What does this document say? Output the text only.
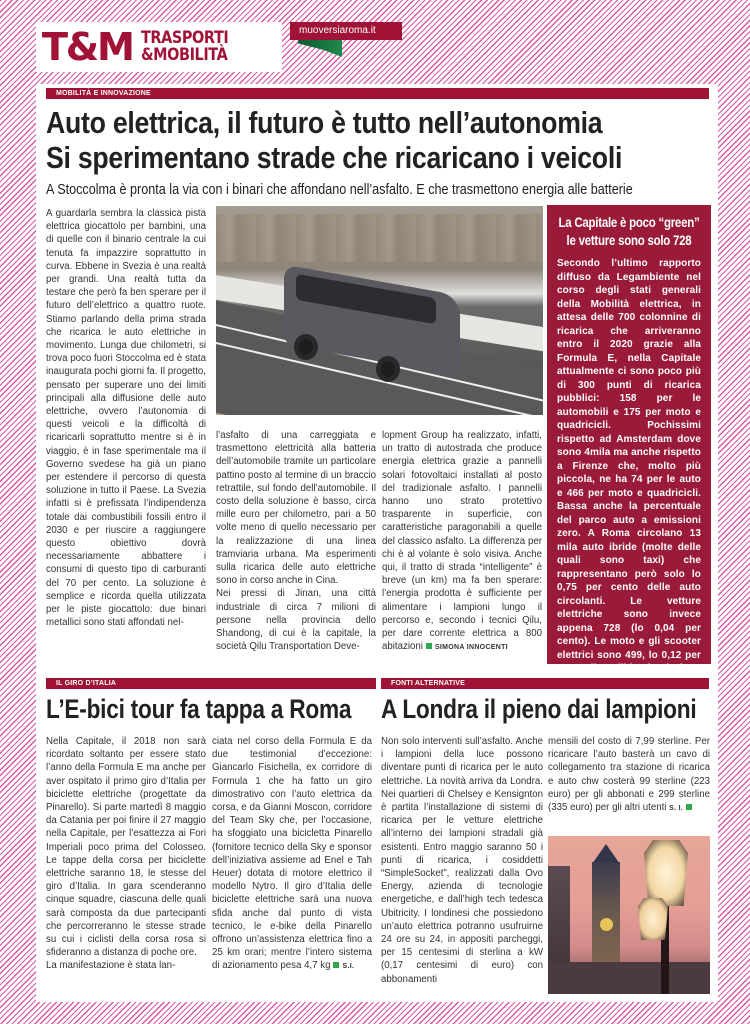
T&M TRASPORTI
&MOBILITÀ
muoversiaroma.it
MOBILITÀ E INNOVAZIONE
Auto elettrica, il futuro è tutto nell’autonomia
Si sperimentano strade che ricaricano i veicoli
A Stoccolma è pronta la via con i binari che affondano nell’asfalto. E che trasmettono energia alle batterie

A guardarla sembra la classica pista elettrica giocattolo per bambini, una di quelle con il binario centrale la cui tenuta fa impazzire soprattutto in curva. Ebbene in Svezia è una realtà per grandi. Una realtà tutta da testare che però fa ben sperare per il futuro dell’elettrico a quattro ruote. Stiamo parlando della prima strada che ricarica le auto elettriche in movimento. Lunga due chilometri, si trova poco fuori Stoccolma ed è stata inaugurata pochi giorni fa. Il progetto, pensato per superare uno dei limiti principali alla diffusione delle auto elettriche, ovvero l’autonomia di questi veicoli e la difficoltà di ricaricarli soprattutto mentre si è in viaggio, è in fase sperimentale ma il Governo svedese ha già un piano per estendere il percorso di questa soluzione in tutto il Paese. La Svezia infatti si è prefissata l’indipendenza totale dai combustibili fossili entro il 2030 e per riuscire a raggiungere questo obiettivo dovrà necessariamente abbattere i consumi di questo tipo di carburanti del 70 per cento. La soluzione è semplice e ricorda quella utilizzata per le piste giocattolo: due binari metallici sono stati affondati nel-

l’asfalto di una carreggiata e trasmettono elettricità alla batteria dell’automobile tramite un particolare pattino posto al termine di un braccio retrattile, sul fondo dell’automobile. Il costo della soluzione è basso, circa mille euro per chilometro, pari a 50 volte meno di quello necessario per la realizzazione di una linea tramviaria urbana. Ma esperimenti sulla ricarica delle auto elettriche sono in corso anche in Cina.

Nei pressi di Jinan, una città industriale di circa 7 milioni di persone nella provincia dello Shandong, di cui è la capitale, la società Qilu Transportation Deve-

lopment Group ha realizzato, infatti, un tratto di autostrada che produce energia elettrica grazie a pannelli solari fotovoltaici installati al posto del tradizionale asfalto. I pannelli hanno uno strato protettivo trasparente in superficie, con caratteristiche paragonabili a quelle del classico asfalto. La differenza per chi è al volante è solo visiva. Anche qui, il tratto di strada “intelligente” è breve (un km) ma fa ben sperare: l’energia prodotta è sufficiente per alimentare i lampioni lungo il percorso e, secondo i tecnici Qilu, per dare corrente elettrica a 800 abitazioni SIMONA INNOCENTI
La Capitale è poco “green”
le vetture sono solo 728
Secondo l’ultimo rapporto diffuso da Legambiente nel corso degli stati generali della Mobilità elettrica, in attesa delle 700 colonnine di ricarica che arriveranno entro il 2020 grazie alla Formula E, nella Capitale attualmente ci sono poco più di 300 punti di ricarica pubblici: 158 per le automobili e 175 per moto e quadricicli. Pochissimi rispetto ad Amsterdam dove sono 4mila ma anche rispetto a Firenze che, molto più piccola, ne ha 74 per le auto e 466 per moto e quadricicli. Bassa anche la percentuale del parco auto a emissioni zero. A Roma circolano 13 mila auto ibride (molte delle quali sono taxi) che rappresentano però solo lo 0,75 per cento delle auto circolanti. Le vetture elettriche sono invece appena 728 (lo 0,04 per cento). Le moto e gli scooter elettrici sono 499, lo 0,12 per cento di quelli in circolazione
IL GIRO D’ITALIA
L’E-bici tour fa tappa a Roma

Nella Capitale, il 2018 non sarà ricordato soltanto per essere stato l’anno della Formula E ma anche per aver ospitato il primo giro d’Italia per biciclette elettriche (progettate da Pinarello). Si parte martedì 8 maggio da Catania per poi finire il 27 maggio nella Capitale, per l’esattezza ai Fori Imperiali poco prima del Colosseo. Le tappe della corsa per biciclette elettriche saranno 18, le stesse del giro d’Italia. In gara scenderanno cinque squadre, ciascuna delle quali sarà composta da due partecipanti che percorreranno le stesse strade su cui i ciclisti della corsa rosa si sfideranno a distanza di poche ore.

La manifestazione è stata lan-

ciata nel corso della Formula E da due testimonial d’eccezione: Giancarlo Fisichella, ex corridore di Formula 1 che ha fatto un giro dimostrativo con l’auto elettrica da corsa, e da Gianni Moscon, corridore del Team Sky che, per l’occasione, ha sfoggiato una bicicletta Pinarello (fornitore tecnico della Sky e sponsor dell’iniziativa assieme ad Enel e Tah Heuer) dotata di motore elettrico il modello Nytro. Il giro d’Italia delle biciclette elettriche sarà una nuova sfida anche dal punto di vista tecnico, le e-bike della Pinarello offrono un’assistenza elettrica fino a 25 km orari; mentre l’intero sistema di azionamento pesa 4,7 kg S.I.
FONTI ALTERNATIVE
A Londra il pieno dai lampioni

Non solo interventi sull’asfalto. Anche i lampioni della luce possono diventare punti di ricarica per le auto elettriche. La novità arriva da Londra. Nei quartieri di Chelsey e Kensignton è partita l’installazione di sistemi di ricarica per le vetture elettriche all’interno dei lampioni stradali già esistenti. Entro maggio saranno 50 i punti di ricarica, i cosiddetti “SimpleSocket”, realizzati dalla Ovo Energy, azienda di tecnologie energetiche, e dall’high tech tedesca Ubitricity. I londinesi che possiedono un’auto elettrica potranno usufruirne 24 ore su 24, in appositi parcheggi, per 15 centesimi di sterlina a kW (0,17 centesimi di euro) con abbonamenti

mensili del costo di 7,99 sterline. Per ricaricare l’auto basterà un cavo di collegamento tra stazione di ricarica e auto chw costerà 99 sterline (223 euro) per gli abbonati e 299 sterline (335 euro) per gli altri utenti S. I.
